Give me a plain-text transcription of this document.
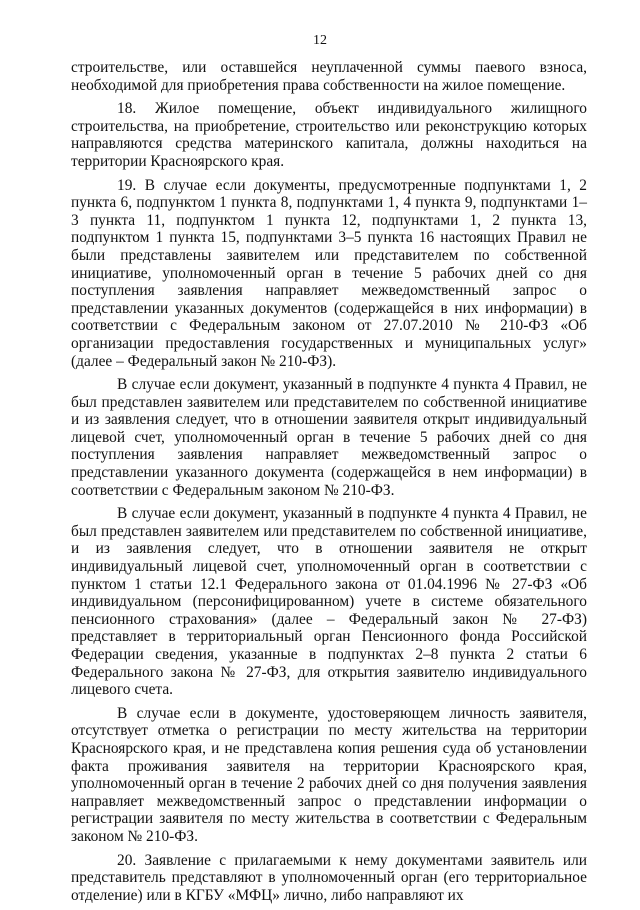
12

строительстве, или оставшейся неуплаченной суммы паевого взноса, необходимой для приобретения права собственности на жилое помещение.

18. Жилое помещение, объект индивидуального жилищного строительства, на приобретение, строительство или реконструкцию которых направляются средства материнского капитала, должны находиться на территории Красноярского края.

19. В случае если документы, предусмотренные подпунктами 1, 2 пункта 6, подпунктом 1 пункта 8, подпунктами 1, 4 пункта 9, подпунктами 1–3 пункта 11, подпунктом 1 пункта 12, подпунктами 1, 2 пункта 13, подпунктом 1 пункта 15, подпунктами 3–5 пункта 16 настоящих Правил не были представлены заявителем или представителем по собственной инициативе, уполномоченный орган в течение 5 рабочих дней со дня поступления заявления направляет межведомственный запрос о представлении указанных документов (содержащейся в них информации) в соответствии с Федеральным законом от 27.07.2010 № 210-ФЗ «Об организации предоставления государственных и муниципальных услуг» (далее – Федеральный закон № 210-ФЗ).

В случае если документ, указанный в подпункте 4 пункта 4 Правил, не был представлен заявителем или представителем по собственной инициативе и из заявления следует, что в отношении заявителя открыт индивидуальный лицевой счет, уполномоченный орган в течение 5 рабочих дней со дня поступления заявления направляет межведомственный запрос о представлении указанного документа (содержащейся в нем информации) в соответствии с Федеральным законом № 210-ФЗ.

В случае если документ, указанный в подпункте 4 пункта 4 Правил, не был представлен заявителем или представителем по собственной инициативе, и из заявления следует, что в отношении заявителя не открыт индивидуальный лицевой счет, уполномоченный орган в соответствии с пунктом 1 статьи 12.1 Федерального закона от 01.04.1996 № 27-ФЗ «Об индивидуальном (персонифицированном) учете в системе обязательного пенсионного страхования» (далее – Федеральный закон № 27-ФЗ) представляет в территориальный орган Пенсионного фонда Российской Федерации сведения, указанные в подпунктах 2–8 пункта 2 статьи 6 Федерального закона № 27-ФЗ, для открытия заявителю индивидуального лицевого счета.

В случае если в документе, удостоверяющем личность заявителя, отсутствует отметка о регистрации по месту жительства на территории Красноярского края, и не представлена копия решения суда об установлении факта проживания заявителя на территории Красноярского края, уполномоченный орган в течение 2 рабочих дней со дня получения заявления направляет межведомственный запрос о представлении информации о регистрации заявителя по месту жительства в соответствии с Федеральным законом № 210-ФЗ.

20. Заявление с прилагаемыми к нему документами заявитель или представитель представляют в уполномоченный орган (его территориальное отделение) или в КГБУ «МФЦ» лично, либо направляют их
